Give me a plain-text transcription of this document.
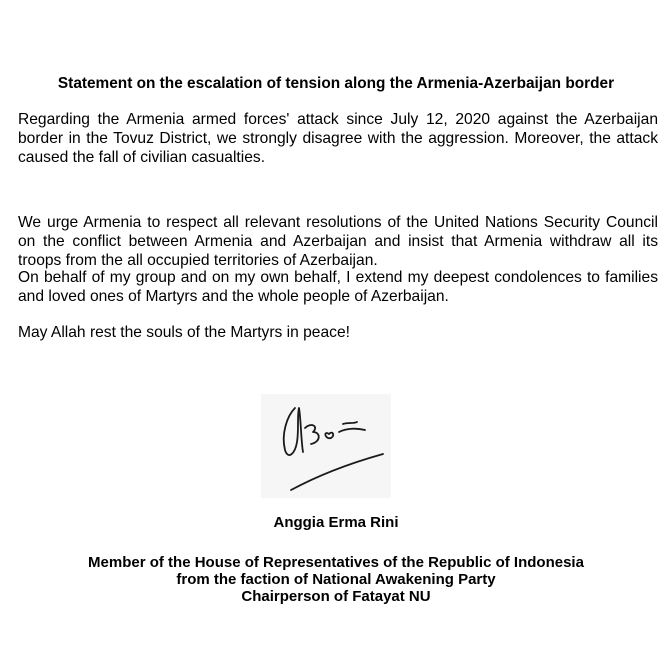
Statement on the escalation of tension along the Armenia-Azerbaijan border

Regarding the Armenia armed forces' attack since July 12, 2020 against the Azerbaijan border in the Tovuz District, we strongly disagree with the aggression. Moreover, the attack caused the fall of civilian casualties.

We urge Armenia to respect all relevant resolutions of the United Nations Security Council on the conflict between Armenia and Azerbaijan and insist that Armenia withdraw all its troops from the all occupied territories of Azerbaijan.

On behalf of my group and on my own behalf, I extend my deepest condolences to families and loved ones of Martyrs and the whole people of Azerbaijan.

May Allah rest the souls of the Martyrs in peace!

Anggia Erma Rini
Member of the House of Representatives of the Republic of Indonesia
from the faction of National Awakening Party
Chairperson of Fatayat NU
